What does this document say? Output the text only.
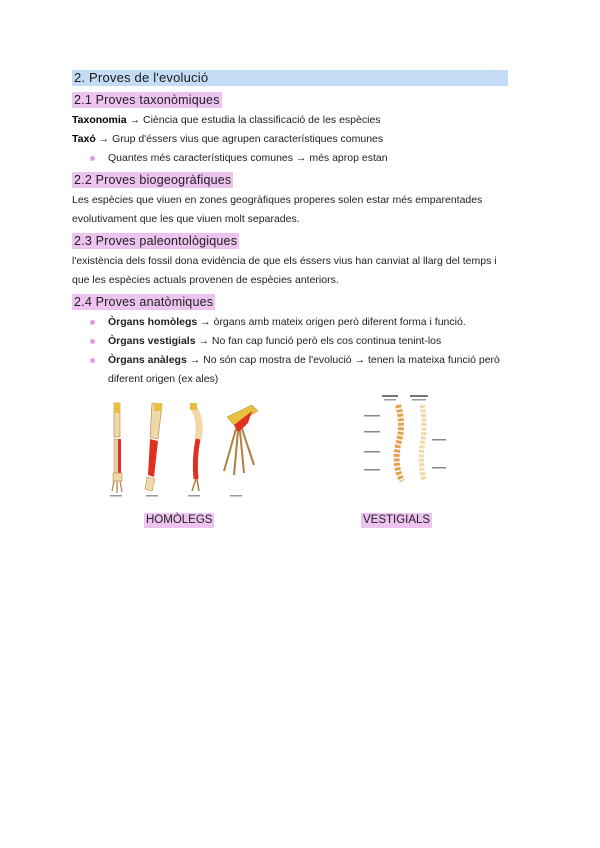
2. Proves de l'evolució
2.1 Proves taxonòmiques

Taxonomia → Ciència que estudia la classificació de les espècies

Taxó → Grup d'éssers vius que agrupen característiques comunes

Quantes més característiques comunes → més aprop estan
2.2 Proves biogeogràfiques

Les espècies que viuen en zones geogràfiques properes solen estar més emparentades

evolutivament que les que viuen molt separades.

2.3 Proves paleontològiques

l'existència dels fossil dona evidència de que els éssers vius han canviat al llarg del temps i

que les espècies actuals provenen de espècies anteriors.

2.4 Proves anatòmiques
Òrgans homòlegs → òrgans amb mateix origen però diferent forma i funció.
Òrgans vestigials → No fan cap funció però els cos continua tenint-los
Òrgans anàlegs → No són cap mostra de l'evolució → tenen la mateixa funció però

diferent origen (ex ales)

HOMÒLEGS	VESTIGIALS
